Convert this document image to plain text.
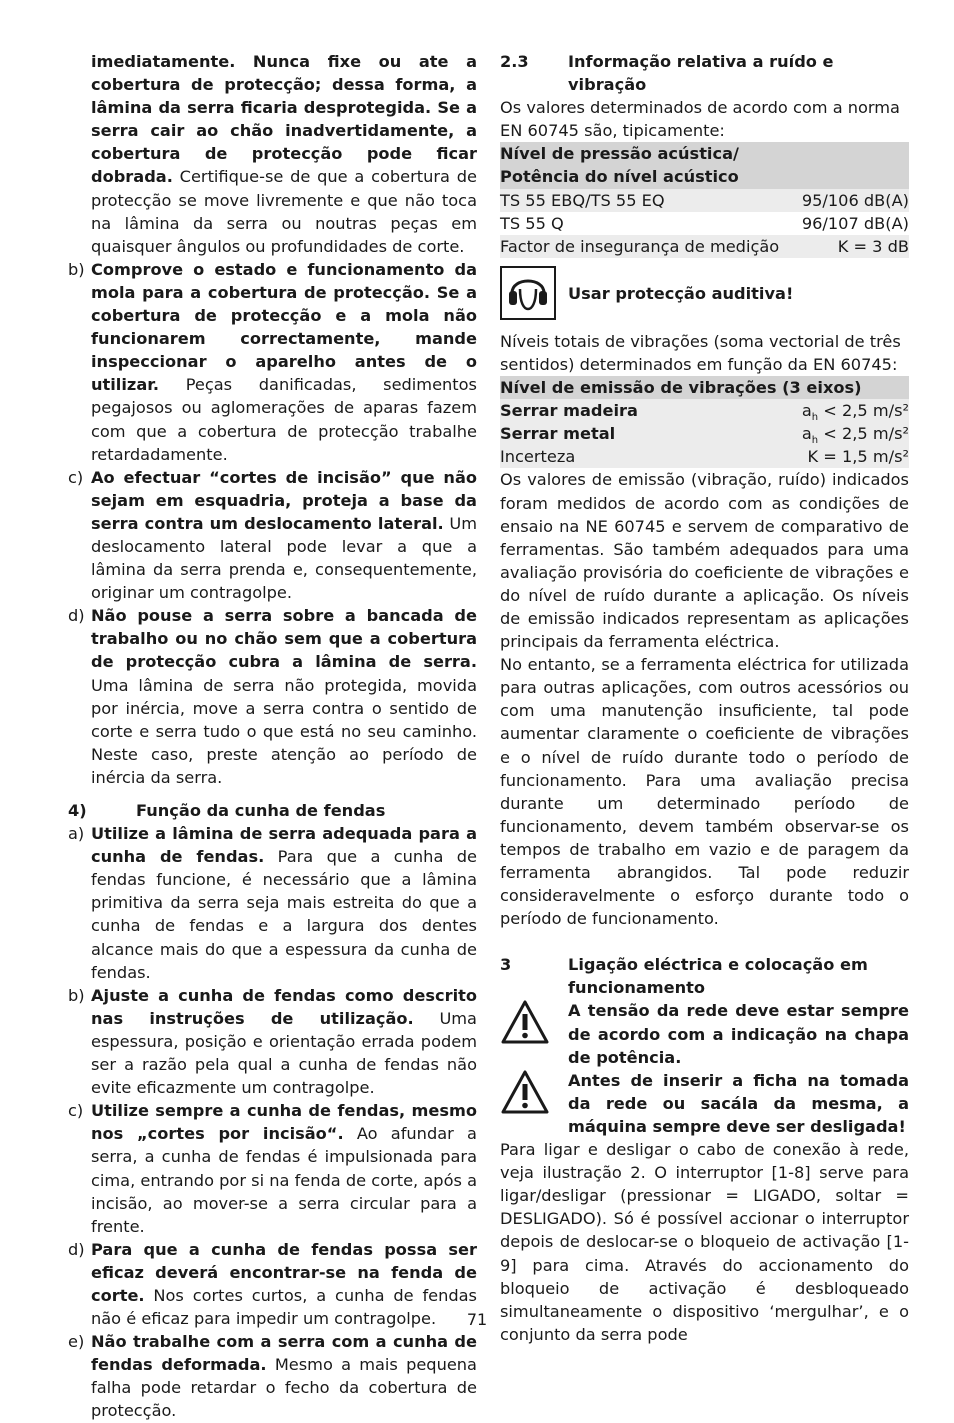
imediatamente. Nunca fixe ou ate a cobertura de protecção; dessa forma, a lâmina da serra ficaria desprotegida. Se a serra cair ao chão inadvertidamente, a cobertura de protecção pode ficar dobrada. Certifique-se de que a cobertura de protecção se move livremente e que não toca na lâmina da serra ou noutras peças em quaisquer ângulos ou profundidades de corte.

b) Comprove o estado e funcionamento da mola para a cobertura de protecção. Se a cobertura de protecção e a mola não funcionarem correctamente, mande inspeccionar o aparelho antes de o utilizar. Peças danificadas, sedimentos pegajosos ou aglomerações de aparas fazem com que a cobertura de protecção trabalhe retardadamente.

c) Ao efectuar “cortes de incisão” que não sejam em esquadria, proteja a base da serra contra um deslocamento lateral. Um deslocamento lateral pode levar a que a lâmina da serra prenda e, consequentemente, originar um contragolpe.

d) Não pouse a serra sobre a bancada de trabalho ou no chão sem que a cobertura de protecção cubra a lâmina de serra. Uma lâmina de serra não protegida, movida por inércia, move a serra contra o sentido de corte e serra tudo o que está no seu caminho. Neste caso, preste atenção ao período de inércia da serra.

4)	Função da cunha de fendas
a) Utilize a lâmina de serra adequada para a cunha de fendas. Para que a cunha de fendas funcione, é necessário que a lâmina primitiva da serra seja mais estreita do que a cunha de fendas e a largura dos dentes alcance mais do que a espessura da cunha de fendas.

b) Ajuste a cunha de fendas como descrito nas instruções de utilização. Uma espessura, posição e orientação errada podem ser a razão pela qual a cunha de fendas não evite eficazmente um contragolpe.

c) Utilize sempre a cunha de fendas, mesmo nos „cortes por incisão“. Ao afundar a serra, a cunha de fendas é impulsionada para cima, entrando por si na fenda de corte, após a incisão, ao mover-se a serra circular para a frente.

d) Para que a cunha de fendas possa ser eficaz deverá encontrar-se na fenda de corte. Nos cortes curtos, a cunha de fendas não é eficaz para impedir um contragolpe.

e) Não trabalhe com a serra com a cunha de fendas deformada. Mesmo a mais pequena falha pode retardar o fecho da cobertura de protecção.

2.3	Informação relativa a ruído e vibração

Os valores determinados de acordo com a norma EN 60745 são, tipicamente:

Nível de pressão acústica/
Potência do nível acústico
TS 55 EBQ/TS 55 EQ	95/106 dB(A)
TS 55 Q	96/107 dB(A)
Factor de insegurança de medição	K = 3 dB
Usar protecção auditiva!

Níveis totais de vibrações (soma vectorial de três sentidos) determinados em função da EN 60745:

Nível de emissão de vibrações (3 eixos)
Serrar madeira	$a_h < 2,5$ m/s²
Serrar metal	$a_h < 2,5$ m/s²
Incerteza	K = 1,5 m/s²

Os valores de emissão (vibração, ruído) indicados foram medidos de acordo com as condições de ensaio na NE 60745 e servem de comparativo de ferramentas. São também adequados para uma avaliação provisória do coeficiente de vibrações e do nível de ruído durante a aplicação. Os níveis de emissão indicados representam as aplicações principais da ferramenta eléctrica.

No entanto, se a ferramenta eléctrica for utilizada para outras aplicações, com outros acessórios ou com uma manutenção insuficiente, tal pode aumentar claramente o coeficiente de vibrações e o nível de ruído durante todo o período de funcionamento. Para uma avaliação precisa durante um determinado período de funcionamento, devem também observar-se os tempos de trabalho em vazio e de paragem da ferramenta abrangidos. Tal pode reduzir consideravelmente o esforço durante todo o período de funcionamento.

3	Ligação eléctrica e colocação em funcionamento
A tensão da rede deve estar sempre de acordo com a indicação na chapa de potência.
Antes de inserir a ficha na tomada da rede ou sacála da mesma, a máquina sempre deve ser desligada!

Para ligar e desligar o cabo de conexão à rede, veja ilustração 2. O interruptor [1-8] serve para ligar/desligar (pressionar = LIGADO, soltar = DESLIGADO). Só é possível accionar o interruptor depois de deslocar-se o bloqueio de activação [1-9] para cima. Através do accionamento do bloqueio de activação é desbloqueado simultaneamente o dispositivo ‘mergulhar’, e o conjunto da serra pode

71
